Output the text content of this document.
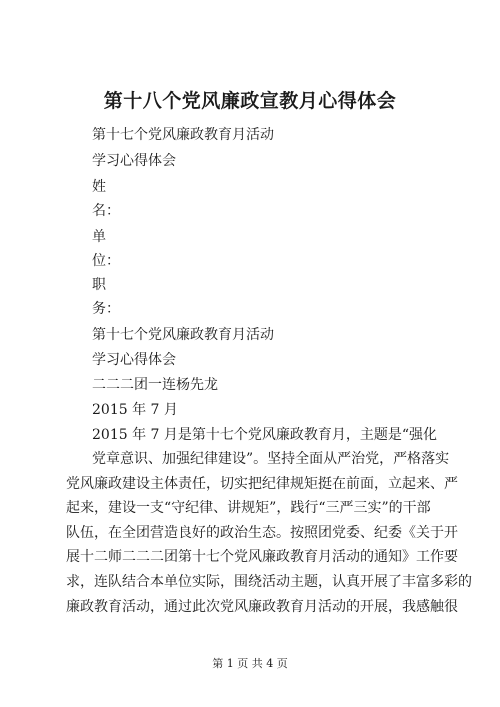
第十八个党风廉政宣教月心得体会
第十七个党风廉政教育月活动
学习心得体会
姓
名：
单
位：
职
务：
第十七个党风廉政教育月活动
学习心得体会
二二二团一连杨先龙
2015 年 7 月
2015 年 7 月是第十七个党风廉政教育月，主题是“强化
党章意识、加强纪律建设”。坚持全面从严治党，严格落实
党风廉政建设主体责任，切实把纪律规矩挺在前面，立起来、严
起来，建设一支“守纪律、讲规矩”，践行“三严三实”的干部
队伍，在全团营造良好的政治生态。按照团党委、纪委《关于开
展十二师二二二团第十七个党风廉政教育月活动的通知》工作要
求，连队结合本单位实际，围绕活动主题，认真开展了丰富多彩的
廉政教育活动，通过此次党风廉政教育月活动的开展，我感触很
第 1 页 共 4 页
